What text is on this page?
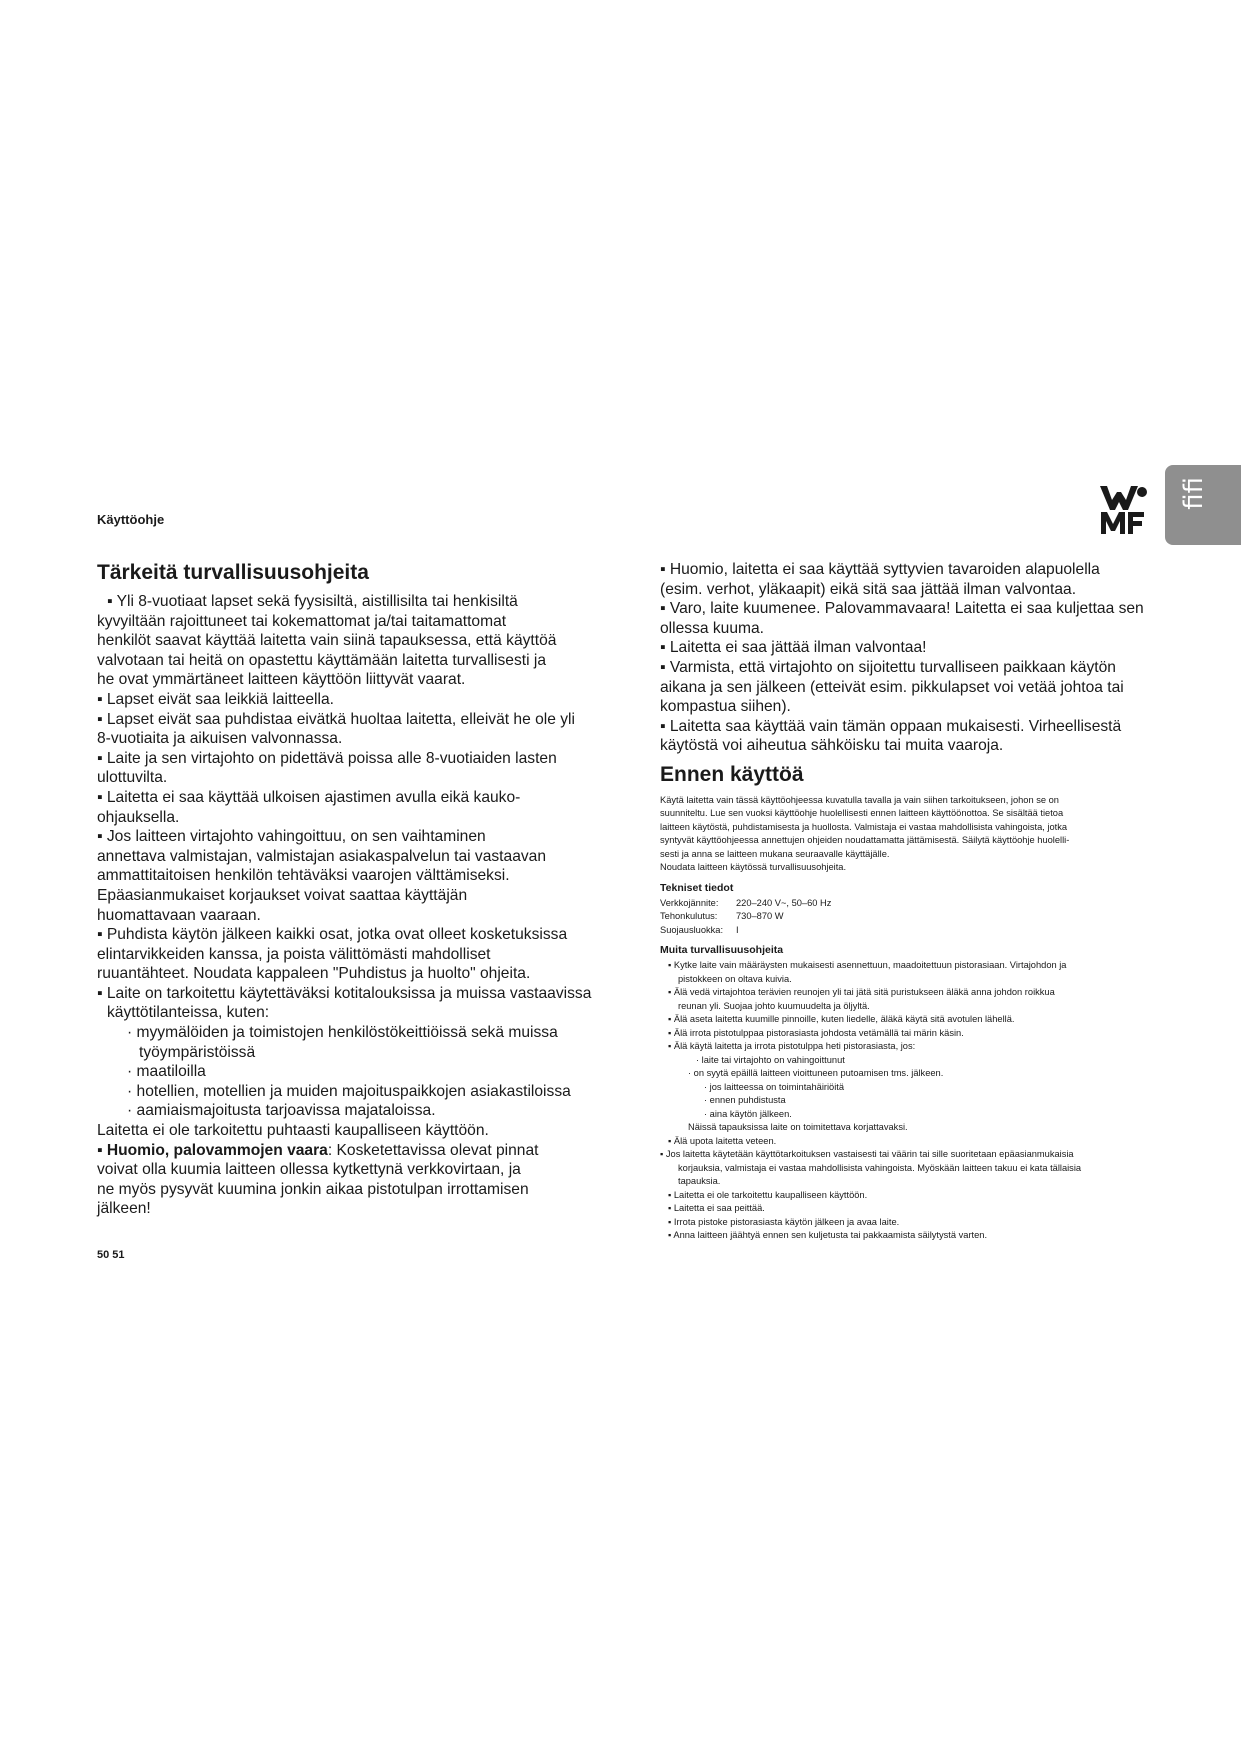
Käyttöohje
fifi
Tärkeitä turvallisuusohjeita

▪ Yli 8-vuotiaat lapset sekä fyysisiltä, aistillisilta tai henkisiltä

kyvyiltään rajoittuneet tai kokemattomat ja/tai taitamattomat

henkilöt saavat käyttää laitetta vain siinä tapauksessa, että käyttöä

valvotaan tai heitä on opastettu käyttämään laitetta turvallisesti ja

he ovat ymmärtäneet laitteen käyttöön liittyvät vaarat.

▪ Lapset eivät saa leikkiä laitteella.

▪ Lapset eivät saa puhdistaa eivätkä huoltaa laitetta, elleivät he ole yli

8-vuotiaita ja aikuisen valvonnassa.

▪ Laite ja sen virtajohto on pidettävä poissa alle 8-vuotiaiden lasten

ulottuvilta.

▪ Laitetta ei saa käyttää ulkoisen ajastimen avulla eikä kauko-

ohjauksella.

▪ Jos laitteen virtajohto vahingoittuu, on sen vaihtaminen

annettava valmistajan, valmistajan asiakaspalvelun tai vastaavan

ammattitaitoisen henkilön tehtäväksi vaarojen välttämiseksi.

Epäasianmukaiset korjaukset voivat saattaa käyttäjän

huomattavaan vaaraan.

▪ Puhdista käytön jälkeen kaikki osat, jotka ovat olleet kosketuksissa

elintarvikkeiden kanssa, ja poista välittömästi mahdolliset

ruuantähteet. Noudata kappaleen "Puhdistus ja huolto" ohjeita.

▪ Laite on tarkoitettu käytettäväksi kotitalouksissa ja muissa vastaavissa

käyttötilanteissa, kuten:

· myymälöiden ja toimistojen henkilöstökeittiöissä sekä muissa

työympäristöissä

· maatiloilla

· hotellien, motellien ja muiden majoituspaikkojen asiakastiloissa

· aamiaismajoitusta tarjoavissa majataloissa.

Laitetta ei ole tarkoitettu puhtaasti kaupalliseen käyttöön.

▪ Huomio, palovammojen vaara: Kosketettavissa olevat pinnat

voivat olla kuumia laitteen ollessa kytkettynä verkkovirtaan, ja

ne myös pysyvät kuumina jonkin aikaa pistotulpan irrottamisen

jälkeen!

▪ Huomio, laitetta ei saa käyttää syttyvien tavaroiden alapuolella

(esim. verhot, yläkaapit) eikä sitä saa jättää ilman valvontaa.

▪ Varo, laite kuumenee. Palovammavaara! Laitetta ei saa kuljettaa sen

ollessa kuuma.

▪ Laitetta ei saa jättää ilman valvontaa!

▪ Varmista, että virtajohto on sijoitettu turvalliseen paikkaan käytön

aikana ja sen jälkeen (etteivät esim. pikkulapset voi vetää johtoa tai

kompastua siihen).

▪ Laitetta saa käyttää vain tämän oppaan mukaisesti. Virheellisestä

käytöstä voi aiheutua sähköisku tai muita vaaroja.

Ennen käyttöä

Käytä laitetta vain tässä käyttöohjeessa kuvatulla tavalla ja vain siihen tarkoitukseen, johon se on

suunniteltu. Lue sen vuoksi käyttöohje huolellisesti ennen laitteen käyttöönottoa. Se sisältää tietoa

laitteen käytöstä, puhdistamisesta ja huollosta. Valmistaja ei vastaa mahdollisista vahingoista, jotka

syntyvät käyttöohjeessa annettujen ohjeiden noudattamatta jättämisestä. Säilytä käyttöohje huolelli-

sesti ja anna se laitteen mukana seuraavalle käyttäjälle.

Noudata laitteen käytössä turvallisuusohjeita.

Tekniset tiedot
Verkkojännite:	220–240 V~, 50–60 Hz
Tehonkulutus:	730–870 W
Suojausluokka:	I
Muita turvallisuusohjeita

▪ Kytke laite vain määräysten mukaisesti asennettuun, maadoitettuun pistorasiaan. Virtajohdon ja

pistokkeen on oltava kuivia.

▪ Älä vedä virtajohtoa terävien reunojen yli tai jätä sitä puristukseen äläkä anna johdon roikkua

reunan yli. Suojaa johto kuumuudelta ja öljyltä.

▪ Älä aseta laitetta kuumille pinnoille, kuten liedelle, äläkä käytä sitä avotulen lähellä.

▪ Älä irrota pistotulppaa pistorasiasta johdosta vetämällä tai märin käsin.

▪ Älä käytä laitetta ja irrota pistotulppa heti pistorasiasta, jos:

· laite tai virtajohto on vahingoittunut

· on syytä epäillä laitteen vioittuneen putoamisen tms. jälkeen.

· jos laitteessa on toimintahäiriöitä

· ennen puhdistusta

· aina käytön jälkeen.

Näissä tapauksissa laite on toimitettava korjattavaksi.

▪ Älä upota laitetta veteen.

▪ Jos laitetta käytetään käyttötarkoituksen vastaisesti tai väärin tai sille suoritetaan epäasianmukaisia

korjauksia, valmistaja ei vastaa mahdollisista vahingoista. Myöskään laitteen takuu ei kata tällaisia

tapauksia.

▪ Laitetta ei ole tarkoitettu kaupalliseen käyttöön.

▪ Laitetta ei saa peittää.

▪ Irrota pistoke pistorasiasta käytön jälkeen ja avaa laite.

▪ Anna laitteen jäähtyä ennen sen kuljetusta tai pakkaamista säilytystä varten.

50 51
